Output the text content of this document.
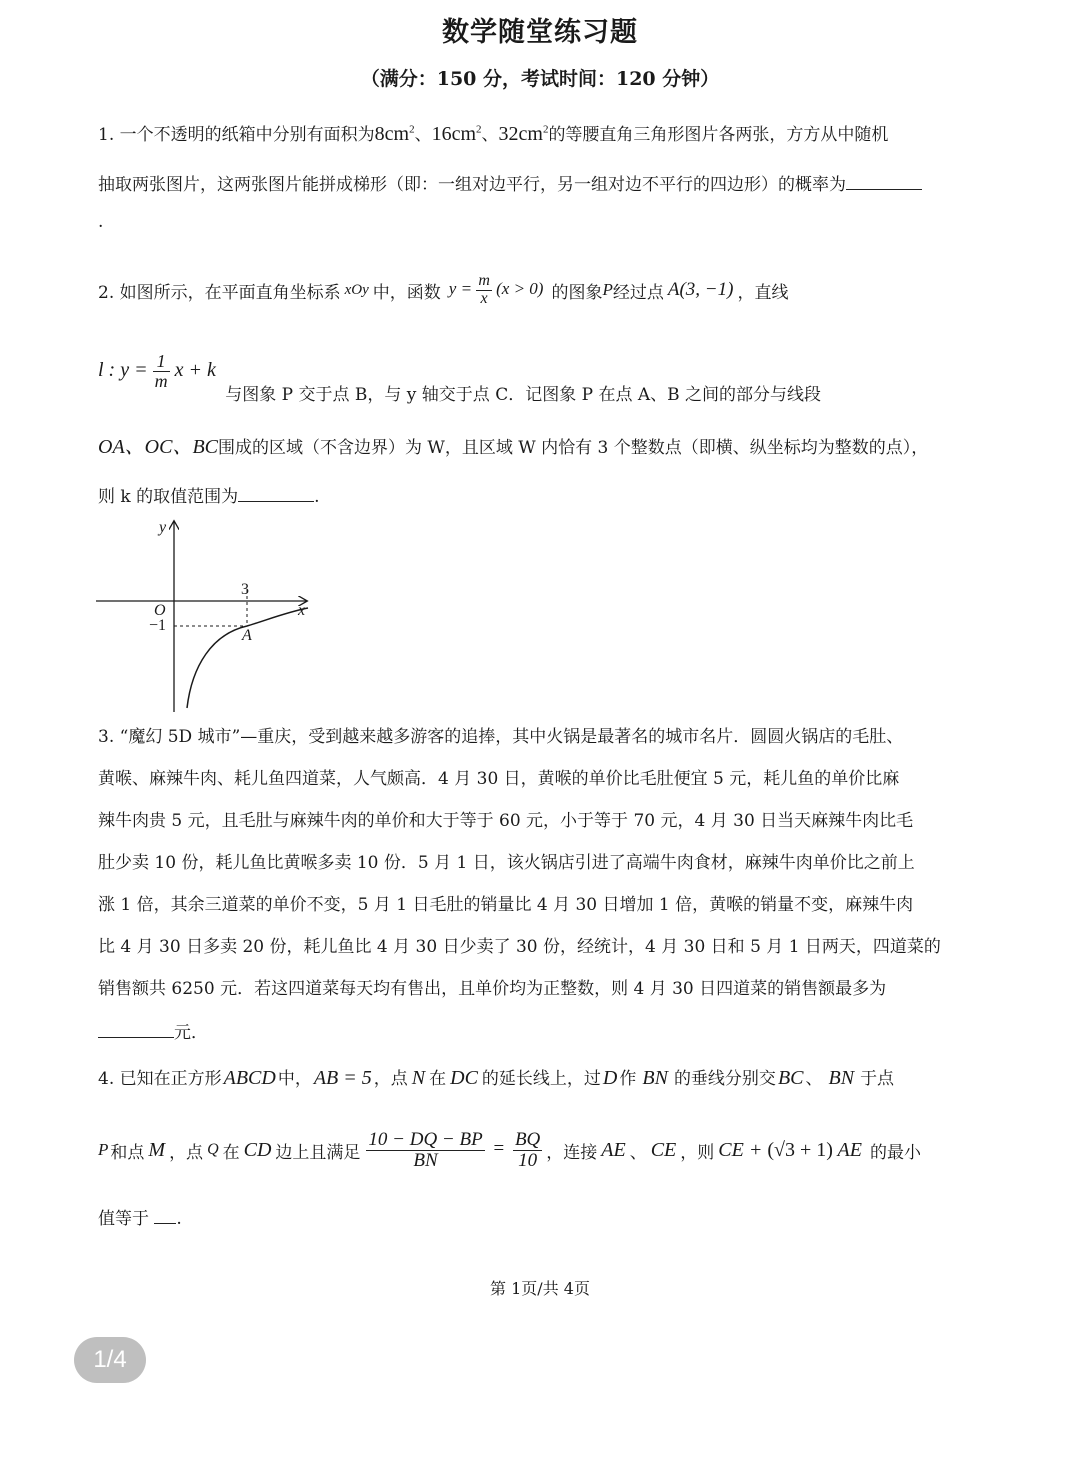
数学随堂练习题
（满分：150 分，考试时间：120 分钟）
1. 一个不透明的纸箱中分别有面积为$8cm^2$、$16cm^2$、$32cm^2$的等腰直角三角形图片各两张，方方从中随机
抽取两张图片，这两张图片能拼成梯形（即：一组对边平行，另一组对边不平行的四边形）的概率为
.
2. 如图所示，在平面直角坐标系 xOy 中，函数 $y = \frac{m}{x} (x > 0)$ 的图象 P 经过点 A(3, −1) ，直线
l : $y = \frac{1}{m}$ x + k 与图象 P 交于点 B，与 y 轴交于点 C．记图象 P 在点 A、B 之间的部分与线段
OA、OC、BC围成的区域（不含边界）为 W，且区域 W 内恰有 3 个整数点（即横、纵坐标均为整数的点），
则 k 的取值范围为	.
y
x
O
3
−1
A
3. “魔幻 5D 城市”—重庆，受到越来越多游客的追捧，其中火锅是最著名的城市名片．圆圆火锅店的毛肚、
黄喉、麻辣牛肉、耗儿鱼四道菜，人气颇高．4 月 30 日，黄喉的单价比毛肚便宜 5 元，耗儿鱼的单价比麻
辣牛肉贵 5 元，且毛肚与麻辣牛肉的单价和大于等于 60 元，小于等于 70 元，4 月 30 日当天麻辣牛肉比毛
肚少卖 10 份，耗儿鱼比黄喉多卖 10 份．5 月 1 日，该火锅店引进了高端牛肉食材，麻辣牛肉单价比之前上
涨 1 倍，其余三道菜的单价不变，5 月 1 日毛肚的销量比 4 月 30 日增加 1 倍，黄喉的销量不变，麻辣牛肉
比 4 月 30 日多卖 20 份，耗儿鱼比 4 月 30 日少卖了 30 份，经统计，4 月 30 日和 5 月 1 日两天，四道菜的
销售额共 6250 元．若这四道菜每天均有售出，且单价均为正整数，则 4 月 30 日四道菜的销售额最多为
元．
4. 已知在正方形 ABCD 中， AB = 5 ，点 N 在 DC 的延长线上，过 D 作 BN 的垂线分别交 BC 、 BN 于点
P 和点 M ，点 Q 在 CD 边上且满足 $\frac{10 - DQ - BP}{BN} = \frac{BQ}{10}$ ，连接 AE 、 CE ，则 CE + (√3 + 1) AE 的最小
值等于 .
第 1页/共 4页
1/4
